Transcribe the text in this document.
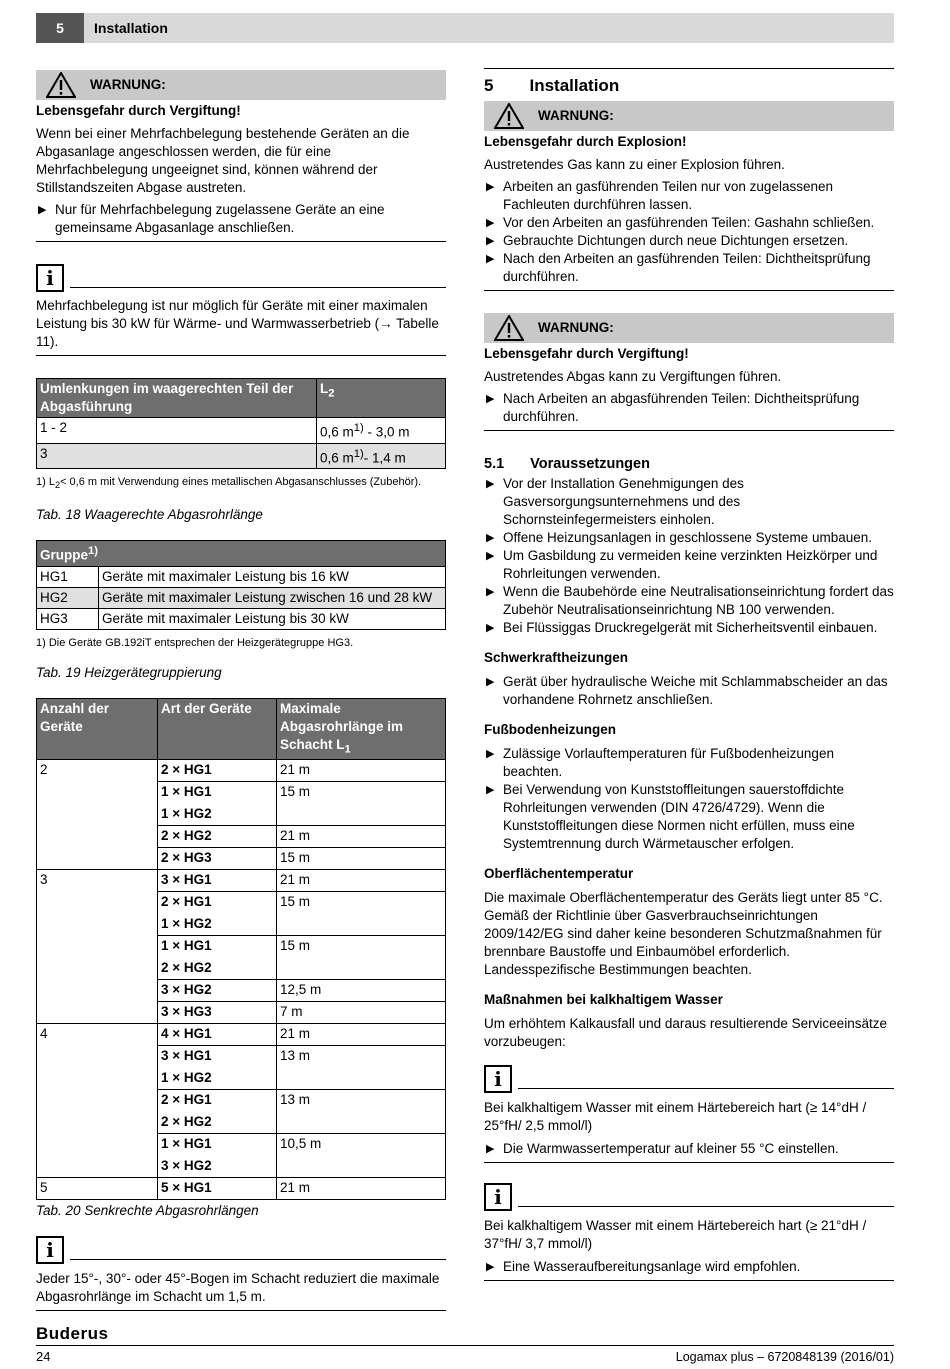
5	Installation
WARNUNG:

Lebensgefahr durch Vergiftung!

Wenn bei einer Mehrfachbelegung bestehende Geräten an die Abgasanlage angeschlossen werden, die für eine Mehrfachbelegung ungeeignet sind, können während der Stillstandszeiten Abgase austreten.

▶ Nur für Mehrfachbelegung zugelassene Geräte an eine gemeinsame Abgasanlage anschließen.
i

Mehrfachbelegung ist nur möglich für Geräte mit einer maximalen Leistung bis 30 kW für Wärme- und Warmwasserbetrieb (→ Tabelle 11).

Umlenkungen im waagerechten Teil der Abgasführung	$L_2$
1 - 2	0,6 $m^{1)} - 3,0$ m
3	0,6 $m^{1)}-$ 1,4 m

1) $L_2< 0,6$ m mit Verwendung eines metallischen Abgasanschlusses (Zubehör).

Tab. 18 Waagerechte Abgasrohrlänge

Gruppe$^{1)}$
HG1	Geräte mit maximaler Leistung bis 16 kW
HG2	Geräte mit maximaler Leistung zwischen 16 und 28 kW
HG3	Geräte mit maximaler Leistung bis 30 kW

1) Die Geräte GB.192iT entsprechen der Heizgerätegruppe HG3.

Tab. 19 Heizgerätegruppierung

Anzahl der Geräte	Art der Geräte	Maximale Abgasrohrlänge im Schacht $L_1$
2	2 × HG1	21 m
	1 × HG1	15 m
	1 × HG2	
	2 × HG2	21 m
	2 × HG3	15 m
3	3 × HG1	21 m
	2 × HG1	15 m
	1 × HG2	
	1 × HG1	15 m
	2 × HG2	
	3 × HG2	12,5 m
	3 × HG3	7 m
4	4 × HG1	21 m
	3 × HG1	13 m
	1 × HG2	
	2 × HG1	13 m
	2 × HG2	
	1 × HG1	10,5 m
	3 × HG2	
5	5 × HG1	21 m

Tab. 20 Senkrechte Abgasrohrlängen

i

Jeder 15°-, 30°- oder 45°-Bogen im Schacht reduziert die maximale Abgasrohrlänge im Schacht um 1,5 m.

5 Installation
WARNUNG:

Lebensgefahr durch Explosion!

Austretendes Gas kann zu einer Explosion führen.

▶ Arbeiten an gasführenden Teilen nur von zugelassenen Fachleuten durchführen lassen.
▶ Vor den Arbeiten an gasführenden Teilen: Gashahn schließen.
▶ Gebrauchte Dichtungen durch neue Dichtungen ersetzen.
▶ Nach den Arbeiten an gasführenden Teilen: Dichtheitsprüfung durchführen.
WARNUNG:

Lebensgefahr durch Vergiftung!

Austretendes Abgas kann zu Vergiftungen führen.

▶ Nach Arbeiten an abgasführenden Teilen: Dichtheitsprüfung durchführen.
5.1 Voraussetzungen
▶ Vor der Installation Genehmigungen des Gasversorgungsunternehmens und des Schornsteinfegermeisters einholen.
▶ Offene Heizungsanlagen in geschlossene Systeme umbauen.
▶ Um Gasbildung zu vermeiden keine verzinkten Heizkörper und Rohrleitungen verwenden.
▶ Wenn die Baubehörde eine Neutralisationseinrichtung fordert das Zubehör Neutralisationseinrichtung NB 100 verwenden.
▶ Bei Flüssiggas Druckregelgerät mit Sicherheitsventil einbauen.
Schwerkraftheizungen
▶ Gerät über hydraulische Weiche mit Schlammabscheider an das vorhandene Rohrnetz anschließen.
Fußbodenheizungen
▶ Zulässige Vorlauftemperaturen für Fußbodenheizungen beachten.
▶ Bei Verwendung von Kunststoffleitungen sauerstoffdichte Rohrleitungen verwenden (DIN 4726/4729). Wenn die Kunststoffleitungen diese Normen nicht erfüllen, muss eine Systemtrennung durch Wärmetauscher erfolgen.
Oberflächentemperatur

Die maximale Oberflächentemperatur des Geräts liegt unter 85 °C. Gemäß der Richtlinie über Gasverbrauchseinrichtungen 2009/142/EG sind daher keine besonderen Schutzmaßnahmen für brennbare Baustoffe und Einbaumöbel erforderlich. Landesspezifische Bestimmungen beachten.

Maßnahmen bei kalkhaltigem Wasser

Um erhöhtem Kalkausfall und daraus resultierende Serviceeinsätze vorzubeugen:

i

Bei kalkhaltigem Wasser mit einem Härtebereich hart (≥ 14°dH / 25°fH/ 2,5 mmol/l)

▶ Die Warmwassertemperatur auf kleiner 55 °C einstellen.
i

Bei kalkhaltigem Wasser mit einem Härtebereich hart (≥ 21°dH / 37°fH/ 3,7 mmol/l)

▶ Eine Wasseraufbereitungsanlage wird empfohlen.
Buderus
24	Logamax plus – 6720848139 (2016/01)
